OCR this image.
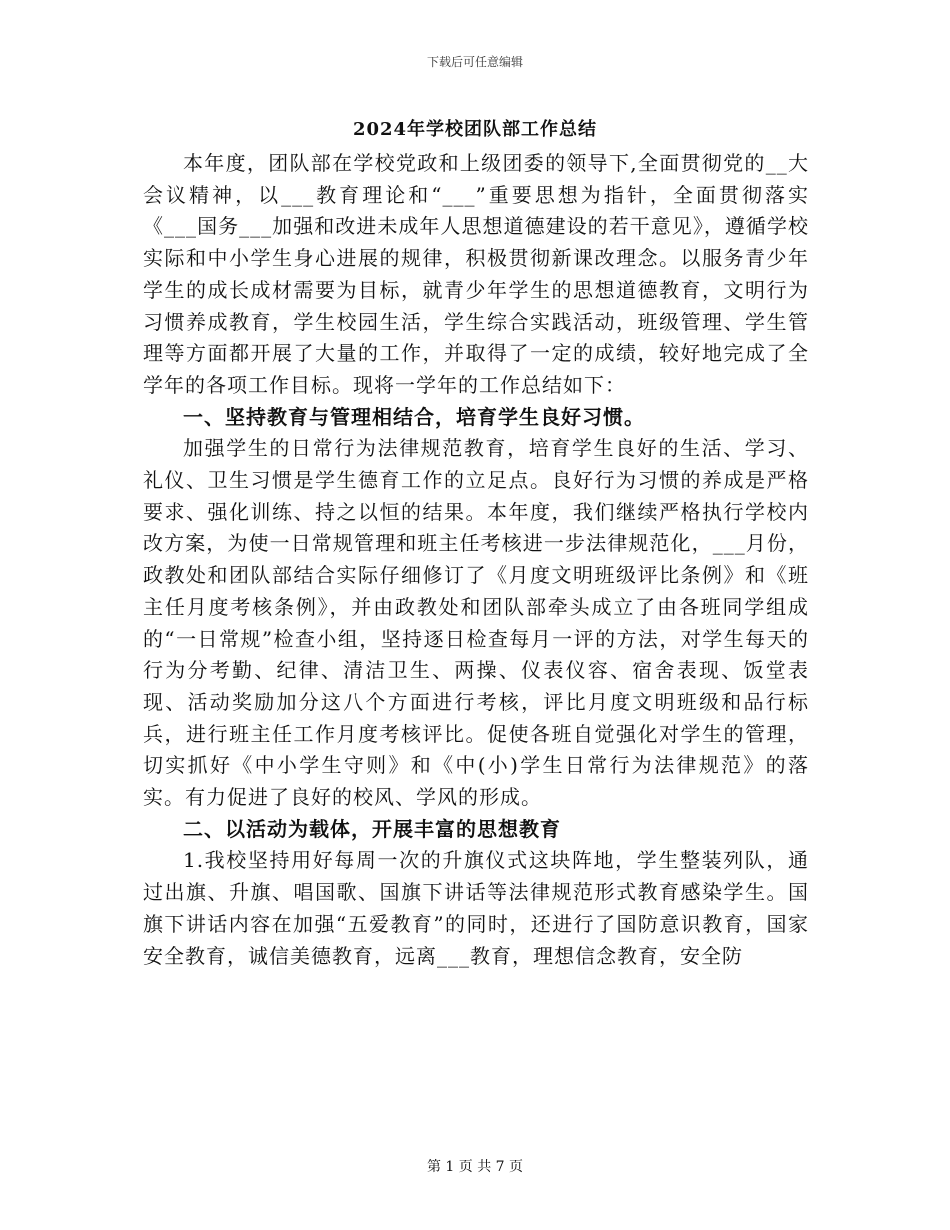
下载后可任意编辑
2024年学校团队部工作总结

本年度，团队部在学校党政和上级团委的领导下,全面贯彻党的__大会议精神，以___教育理论和“___”重要思想为指针，全面贯彻落实《___国务___加强和改进未成年人思想道德建设的若干意见》，遵循学校实际和中小学生身心进展的规律，积极贯彻新课改理念。以服务青少年学生的成长成材需要为目标，就青少年学生的思想道德教育，文明行为习惯养成教育，学生校园生活，学生综合实践活动，班级管理、学生管理等方面都开展了大量的工作，并取得了一定的成绩，较好地完成了全学年的各项工作目标。现将一学年的工作总结如下：

一、坚持教育与管理相结合，培育学生良好习惯。

加强学生的日常行为法律规范教育，培育学生良好的生活、学习、礼仪、卫生习惯是学生德育工作的立足点。良好行为习惯的养成是严格要求、强化训练、持之以恒的结果。本年度，我们继续严格执行学校内改方案，为使一日常规管理和班主任考核进一步法律规范化，___月份，政教处和团队部结合实际仔细修订了《月度文明班级评比条例》和《班主任月度考核条例》，并由政教处和团队部牵头成立了由各班同学组成的“一日常规”检查小组，坚持逐日检查每月一评的方法，对学生每天的行为分考勤、纪律、清洁卫生、两操、仪表仪容、宿舍表现、饭堂表现、活动奖励加分这八个方面进行考核，评比月度文明班级和品行标兵，进行班主任工作月度考核评比。促使各班自觉强化对学生的管理，切实抓好《中小学生守则》和《中(小)学生日常行为法律规范》的落实。有力促进了良好的校风、学风的形成。

二、以活动为载体，开展丰富的思想教育

1.我校坚持用好每周一次的升旗仪式这块阵地，学生整装列队，通过出旗、升旗、唱国歌、国旗下讲话等法律规范形式教育感染学生。国旗下讲话内容在加强“五爱教育”的同时，还进行了国防意识教育，国家安全教育，诚信美德教育，远离___教育，理想信念教育，安全防

第 1 页 共 7 页
